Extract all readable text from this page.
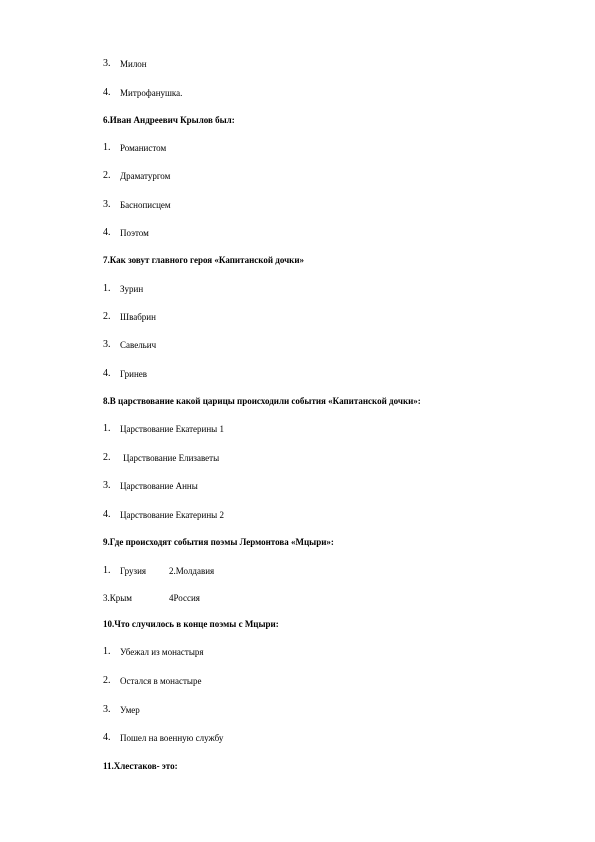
3. Милон
4. Митрофанушка.
6.Иван Андреевич Крылов был:
1. Романистом
2. Драматургом
3. Баснописцем
4. Поэтом
7.Как зовут главного героя «Капитанской дочки»
1. Зурин
2. Швабрин
3. Савельич
4. Гринев
8.В царствование какой царицы происходили события «Капитанской дочки»:
1. Царствование Екатерины 1
2. Царствование Елизаветы
3. Царствование Анны
4. Царствование Екатерины 2
9.Где происходят события поэмы Лермонтова «Мцыри»:
1. Грузия	2.Молдавия
3.Крым	4Россия
10.Что случилось в конце поэмы с Мцыри:
1. Убежал из монастыря
2. Остался в монастыре
3. Умер
4. Пошел на военную службу
11.Хлестаков- это:
